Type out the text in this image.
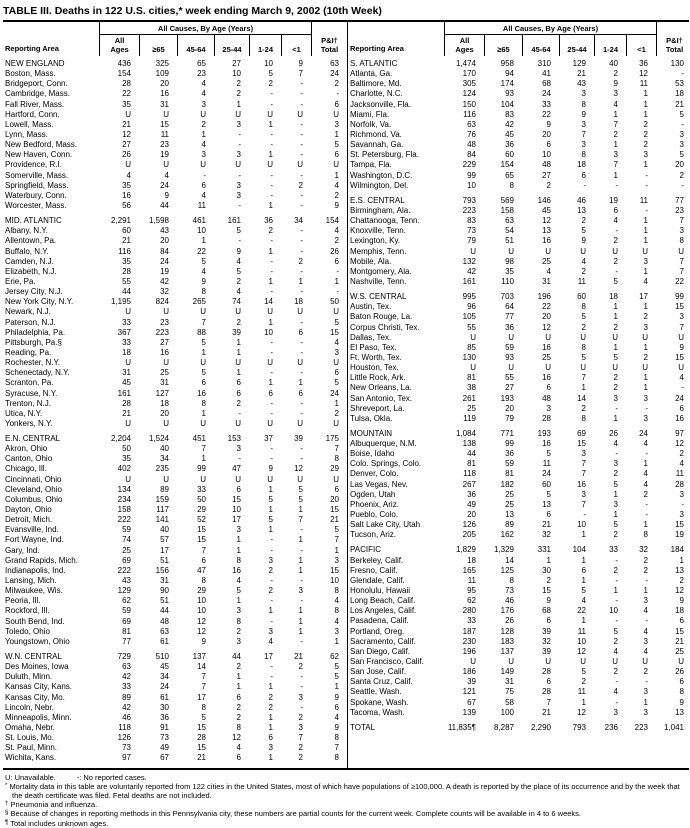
TABLE III. Deaths in 122 U.S. cities,* week ending March 9, 2002 (10th Week)
Reporting Area
All Causes, By Age (Years)
All
Ages	≥65	45-64 25-44 1-24	<1
P&I†
Total
NEW ENGLAND	436	325	65	27	10	9	63
Boston, Mass.	154	109	23	10	5	7	24
Bridgeport, Conn.	28	20	4	2	2	-	2
Cambridge, Mass.	22	16	4	2	-	-	-
Fall River, Mass.	35	31	3	1	-	-	6
Hartford, Conn.	U	U	U	U	U	U	U
Lowell, Mass.	21	15	2	3	1	-	3
Lynn, Mass.	12	11	1	-	-	-	1
New Bedford, Mass.	27	23	4	-	-	-	5
New Haven, Conn.	26	19	3	3	1	-	6
Providence, R.I.	U	U	U	U	U	U	U
Somerville, Mass.	4	4	-	-	-	-	1
Springfield, Mass.	35	24	6	3	-	2	4
Waterbury, Conn.	16	9	4	3	-	-	2
Worcester, Mass.	56	44	11	-	1	-	9
MID. ATLANTIC	2,291	1,598	461	161	36	34	154
Albany, N.Y.	60	43	10	5	2	-	4
Allentown, Pa.	21	20	1	-	-	-	2
Buffalo, N.Y.	116	84	22	9	1	-	26
Camden, N.J.	35	24	5	4	-	2	6
Elizabeth, N.J.	28	19	4	5	-	-	-
Erie, Pa.	55	42	9	2	1	1	1
Jersey City, N.J.	44	32	8	4	-	-	-
New York City, N.Y.	1,195	824	265	74	14	18	50
Newark, N.J.	U	U	U	U	U	U	U
Paterson, N.J.	33	23	7	2	1	-	5
Philadelphia, Pa.	367	223	88	39	10	6	15
Pittsburgh, Pa.§	33	27	5	1	-	-	4
Reading, Pa.	18	16	1	1	-	-	3
Rochester, N.Y.	U	U	U	U	U	U	U
Schenectady, N.Y.	31	25	5	1	-	-	6
Scranton, Pa.	45	31	6	6	1	1	5
Syracuse, N.Y.	161	127	16	6	6	6	24
Trenton, N.J.	28	18	8	2	-	-	1
Utica, N.Y.	21	20	1	-	-	-	2
Yonkers, N.Y.	U	U	U	U	U	U	U
E.N. CENTRAL	2,204	1,524	451	153	37	39	175
Akron, Ohio	50	40	7	3	-	-	7
Canton, Ohio	35	34	1	-	-	-	8
Chicago, Ill.	402	235	99	47	9	12	29
Cincinnati, Ohio	U	U	U	U	U	U	U
Cleveland, Ohio	134	89	33	6	1	5	6
Columbus, Ohio	234	159	50	15	5	5	20
Dayton, Ohio	158	117	29	10	1	1	15
Detroit, Mich.	222	141	52	17	5	7	21
Evansville, Ind.	59	40	15	3	1	-	5
Fort Wayne, Ind.	74	57	15	1	-	1	7
Gary, Ind.	25	17	7	1	-	-	1
Grand Rapids, Mich.	69	51	6	8	3	1	3
Indianapolis, Ind.	222	156	47	16	2	1	15
Lansing, Mich.	43	31	8	4	-	-	10
Milwaukee, Wis.	129	90	29	5	2	3	8
Peoria, Ill.	62	51	10	1	-	-	4
Rockford, Ill.	59	44	10	3	1	1	8
South Bend, Ind.	69	48	12	8	-	1	4
Toledo, Ohio	81	63	12	2	3	1	3
Youngstown, Ohio	77	61	9	3	4	-	1
W.N. CENTRAL	729	510	137	44	17	21	62
Des Moines, Iowa	63	45	14	2	-	2	5
Duluth, Minn.	42	34	7	1	-	-	5
Kansas City, Kans.	33	24	7	1	1	-	1
Kansas City, Mo.	89	61	17	6	2	3	9
Lincoln, Nebr.	42	30	8	2	2	-	6
Minneapolis, Minn.	46	36	5	2	1	2	4
Omaha, Nebr.	118	91	15	8	1	3	9
St. Louis, Mo.	126	73	28	12	6	7	8
St. Paul, Minn.	73	49	15	4	3	2	7
Wichita, Kans.	97	67	21	6	1	2	8
Reporting Area
All Causes, By Age (Years)
All
Ages	≥65	45-64 25-44 1-24	<1
P&I†
Total
S. ATLANTIC	1,474	958	310	129	40	36	130
Atlanta, Ga.	170	94	41	21	2	12	-
Baltimore, Md.	305	174	68	43	9	11	53
Charlotte, N.C.	124	93	24	3	3	1	18
Jacksonville, Fla.	150	104	33	8	4	1	21
Miami, Fla.	116	83	22	9	1	1	5
Norfolk, Va.	63	42	9	3	7	2	-
Richmond, Va.	76	45	20	7	2	2	3
Savannah, Ga.	48	36	6	3	1	2	3
St. Petersburg, Fla.	84	60	10	8	3	3	5
Tampa, Fla.	229	154	48	18	7	1	20
Washington, D.C.	99	65	27	6	1	-	2
Wilmington, Del.	10	8	2	-	-	-	-
E.S. CENTRAL	793	569	146	46	19	11	77
Birmingham, Ala.	223	158	45	13	6	-	23
Chattanooga, Tenn.	83	63	12	2	4	1	7
Knoxville, Tenn.	73	54	13	5	-	1	3
Lexington, Ky.	79	51	16	9	2	1	8
Memphis, Tenn.	U	U	U	U	U	U	U
Mobile, Ala.	132	98	25	4	2	3	7
Montgomery, Ala.	42	35	4	2	-	1	7
Nashville, Tenn.	161	110	31	11	5	4	22
W.S. CENTRAL	995	703	196	60	18	17	99
Austin, Tex.	96	64	22	8	1	1	15
Baton Rouge, La.	105	77	20	5	1	2	3
Corpus Christi, Tex.	55	36	12	2	2	3	7
Dallas, Tex.	U	U	U	U	U	U	U
El Paso, Tex.	85	59	16	8	1	1	9
Ft. Worth, Tex.	130	93	25	5	5	2	15
Houston, Tex.	U	U	U	U	U	U	U
Little Rock, Ark.	81	55	16	7	2	1	4
New Orleans, La.	38	27	6	1	2	1	-
San Antonio, Tex.	261	193	48	14	3	3	24
Shreveport, La.	25	20	3	2	-	-	6
Tulsa, Okla.	119	79	28	8	1	3	16
MOUNTAIN	1,084	771	193	69	26	24	97
Albuquerque, N.M.	138	99	16	15	4	4	12
Boise, Idaho	44	36	5	3	-	-	2
Colo. Springs, Colo.	81	59	11	7	3	1	4
Denver, Colo.	118	81	24	7	2	4	11
Las Vegas, Nev.	267	182	60	16	5	4	28
Ogden, Utah	36	25	5	3	1	2	3
Phoenix, Ariz.	49	25	13	7	3	-	-
Pueblo, Colo.	20	13	6	-	1	-	3
Salt Lake City, Utah	126	89	21	10	5	1	15
Tucson, Ariz.	205	162	32	1	2	8	19
PACIFIC	1,829	1,329	331	104	33	32	184
Berkeley, Calif.	18	14	1	1	-	2	1
Fresno, Calif.	165	125	30	6	2	2	13
Glendale, Calif.	11	8	2	1	-	-	2
Honolulu, Hawaii	95	73	15	5	1	1	12
Long Beach, Calif.	62	46	9	4	-	3	9
Los Angeles, Calif.	280	176	68	22	10	4	18
Pasadena, Calif.	33	26	6	1	-	-	6
Portland, Oreg.	187	128	39	11	5	4	15
Sacramento, Calif.	230	183	32	10	2	3	21
San Diego, Calif.	196	137	39	12	4	4	25
San Francisco, Calif.	U	U	U	U	U	U	U
San Jose, Calif.	186	149	28	5	2	2	26
Santa Cruz, Calif.	39	31	6	2	-	-	6
Seattle, Wash.	121	75	28	11	4	3	8
Spokane, Wash.	67	58	7	1	-	1	9
Tacoma, Wash.	139	100	21	12	3	3	13
TOTAL	11,835¶	8,287	2,290	793	236	223	1,041
U: Unavailable.          -: No reported cases.
* Mortality data in this table are voluntarily reported from 122 cities in the United States, most of which have populations of ≥100,000. A death is reported by the place of its occurrence and by the week that the death certificate was filed. Fetal deaths are not included.
† Pneumonia and influenza.
§ Because of changes in reporting methods in this Pennsylvania city, these numbers are partial counts for the current week. Complete counts will be available in 4 to 6 weeks.
¶ Total includes unknown ages.
